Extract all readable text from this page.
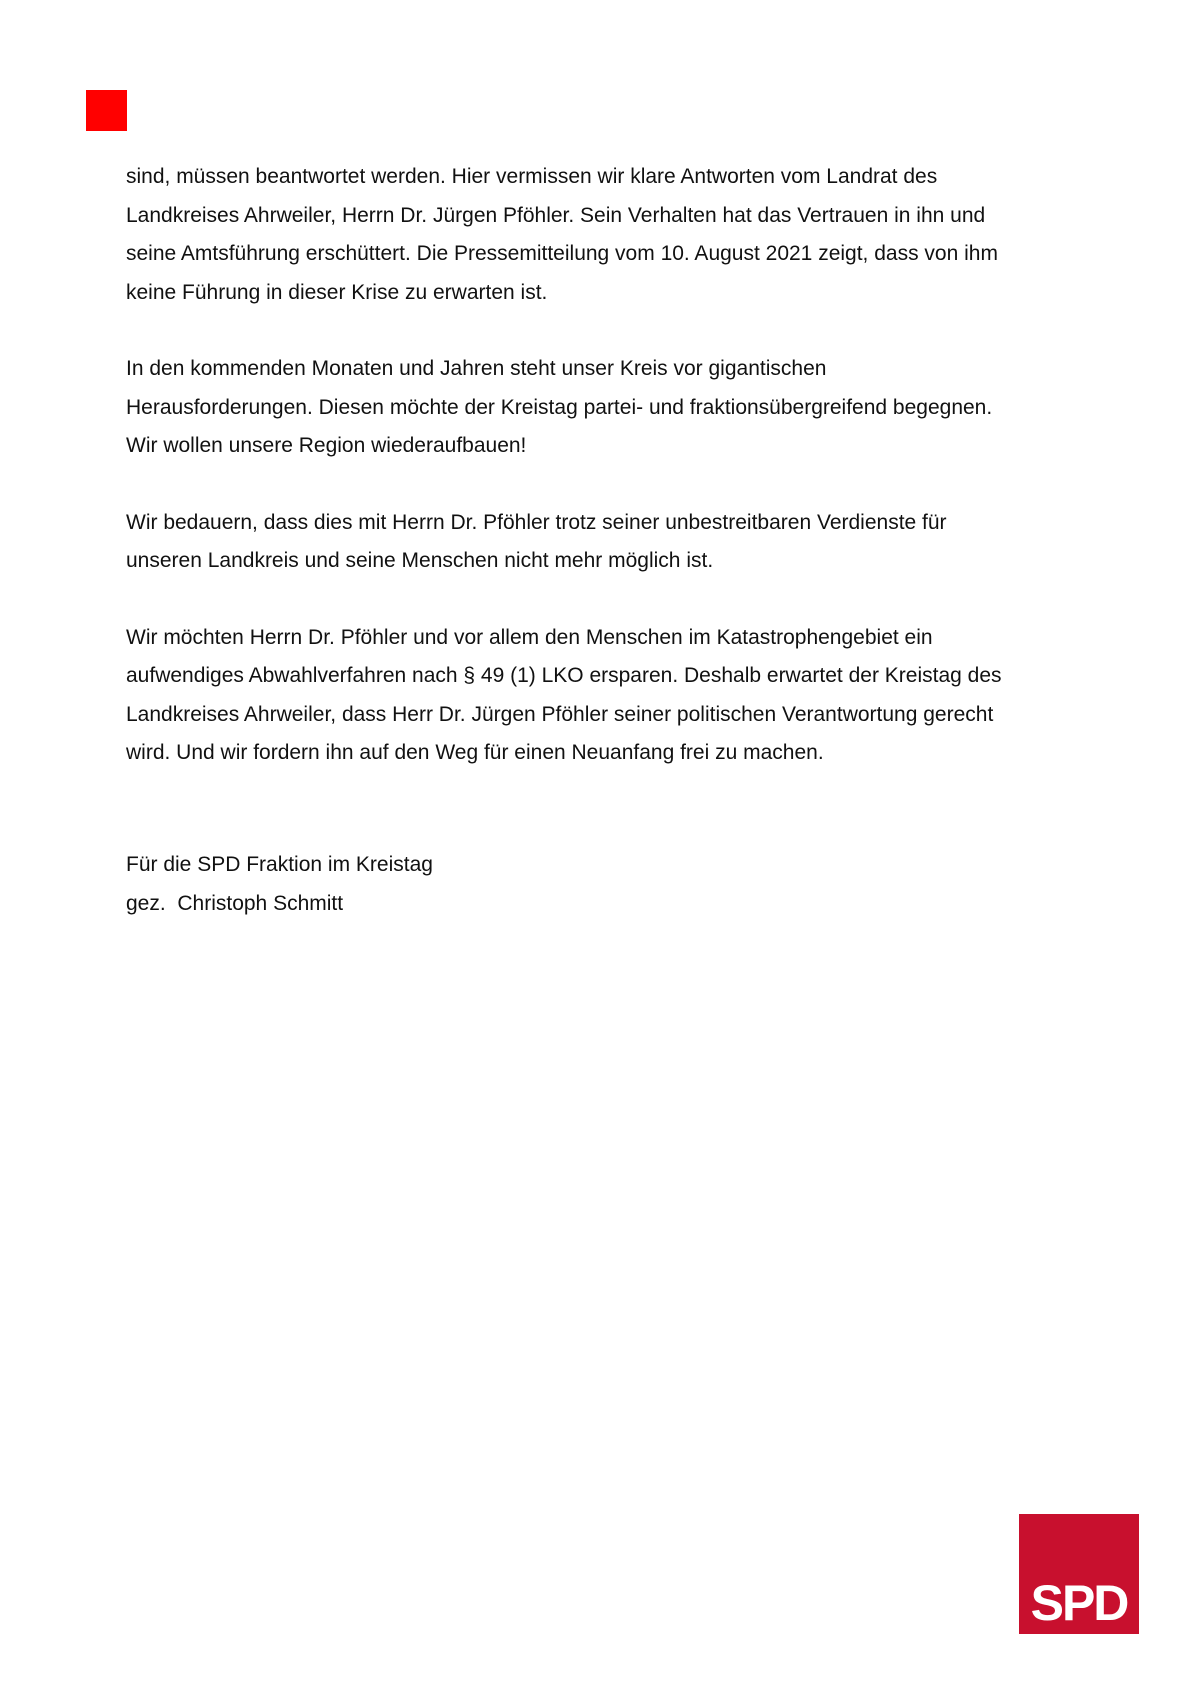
sind, müssen beantwortet werden. Hier vermissen wir klare Antworten vom Landrat des
Landkreises Ahrweiler, Herrn Dr. Jürgen Pföhler. Sein Verhalten hat das Vertrauen in ihn und
seine Amtsführung erschüttert. Die Pressemitteilung vom 10. August 2021 zeigt, dass von ihm
keine Führung in dieser Krise zu erwarten ist.

In den kommenden Monaten und Jahren steht unser Kreis vor gigantischen
Herausforderungen. Diesen möchte der Kreistag partei- und fraktionsübergreifend begegnen.
Wir wollen unsere Region wiederaufbauen!

Wir bedauern, dass dies mit Herrn Dr. Pföhler trotz seiner unbestreitbaren Verdienste für
unseren Landkreis und seine Menschen nicht mehr möglich ist.

Wir möchten Herrn Dr. Pföhler und vor allem den Menschen im Katastrophengebiet ein
aufwendiges Abwahlverfahren nach § 49 (1) LKO ersparen. Deshalb erwartet der Kreistag des
Landkreises Ahrweiler, dass Herr Dr. Jürgen Pföhler seiner politischen Verantwortung gerecht
wird. Und wir fordern ihn auf den Weg für einen Neuanfang frei zu machen.

Für die SPD Fraktion im Kreistag
gez.  Christoph Schmitt
SPD
